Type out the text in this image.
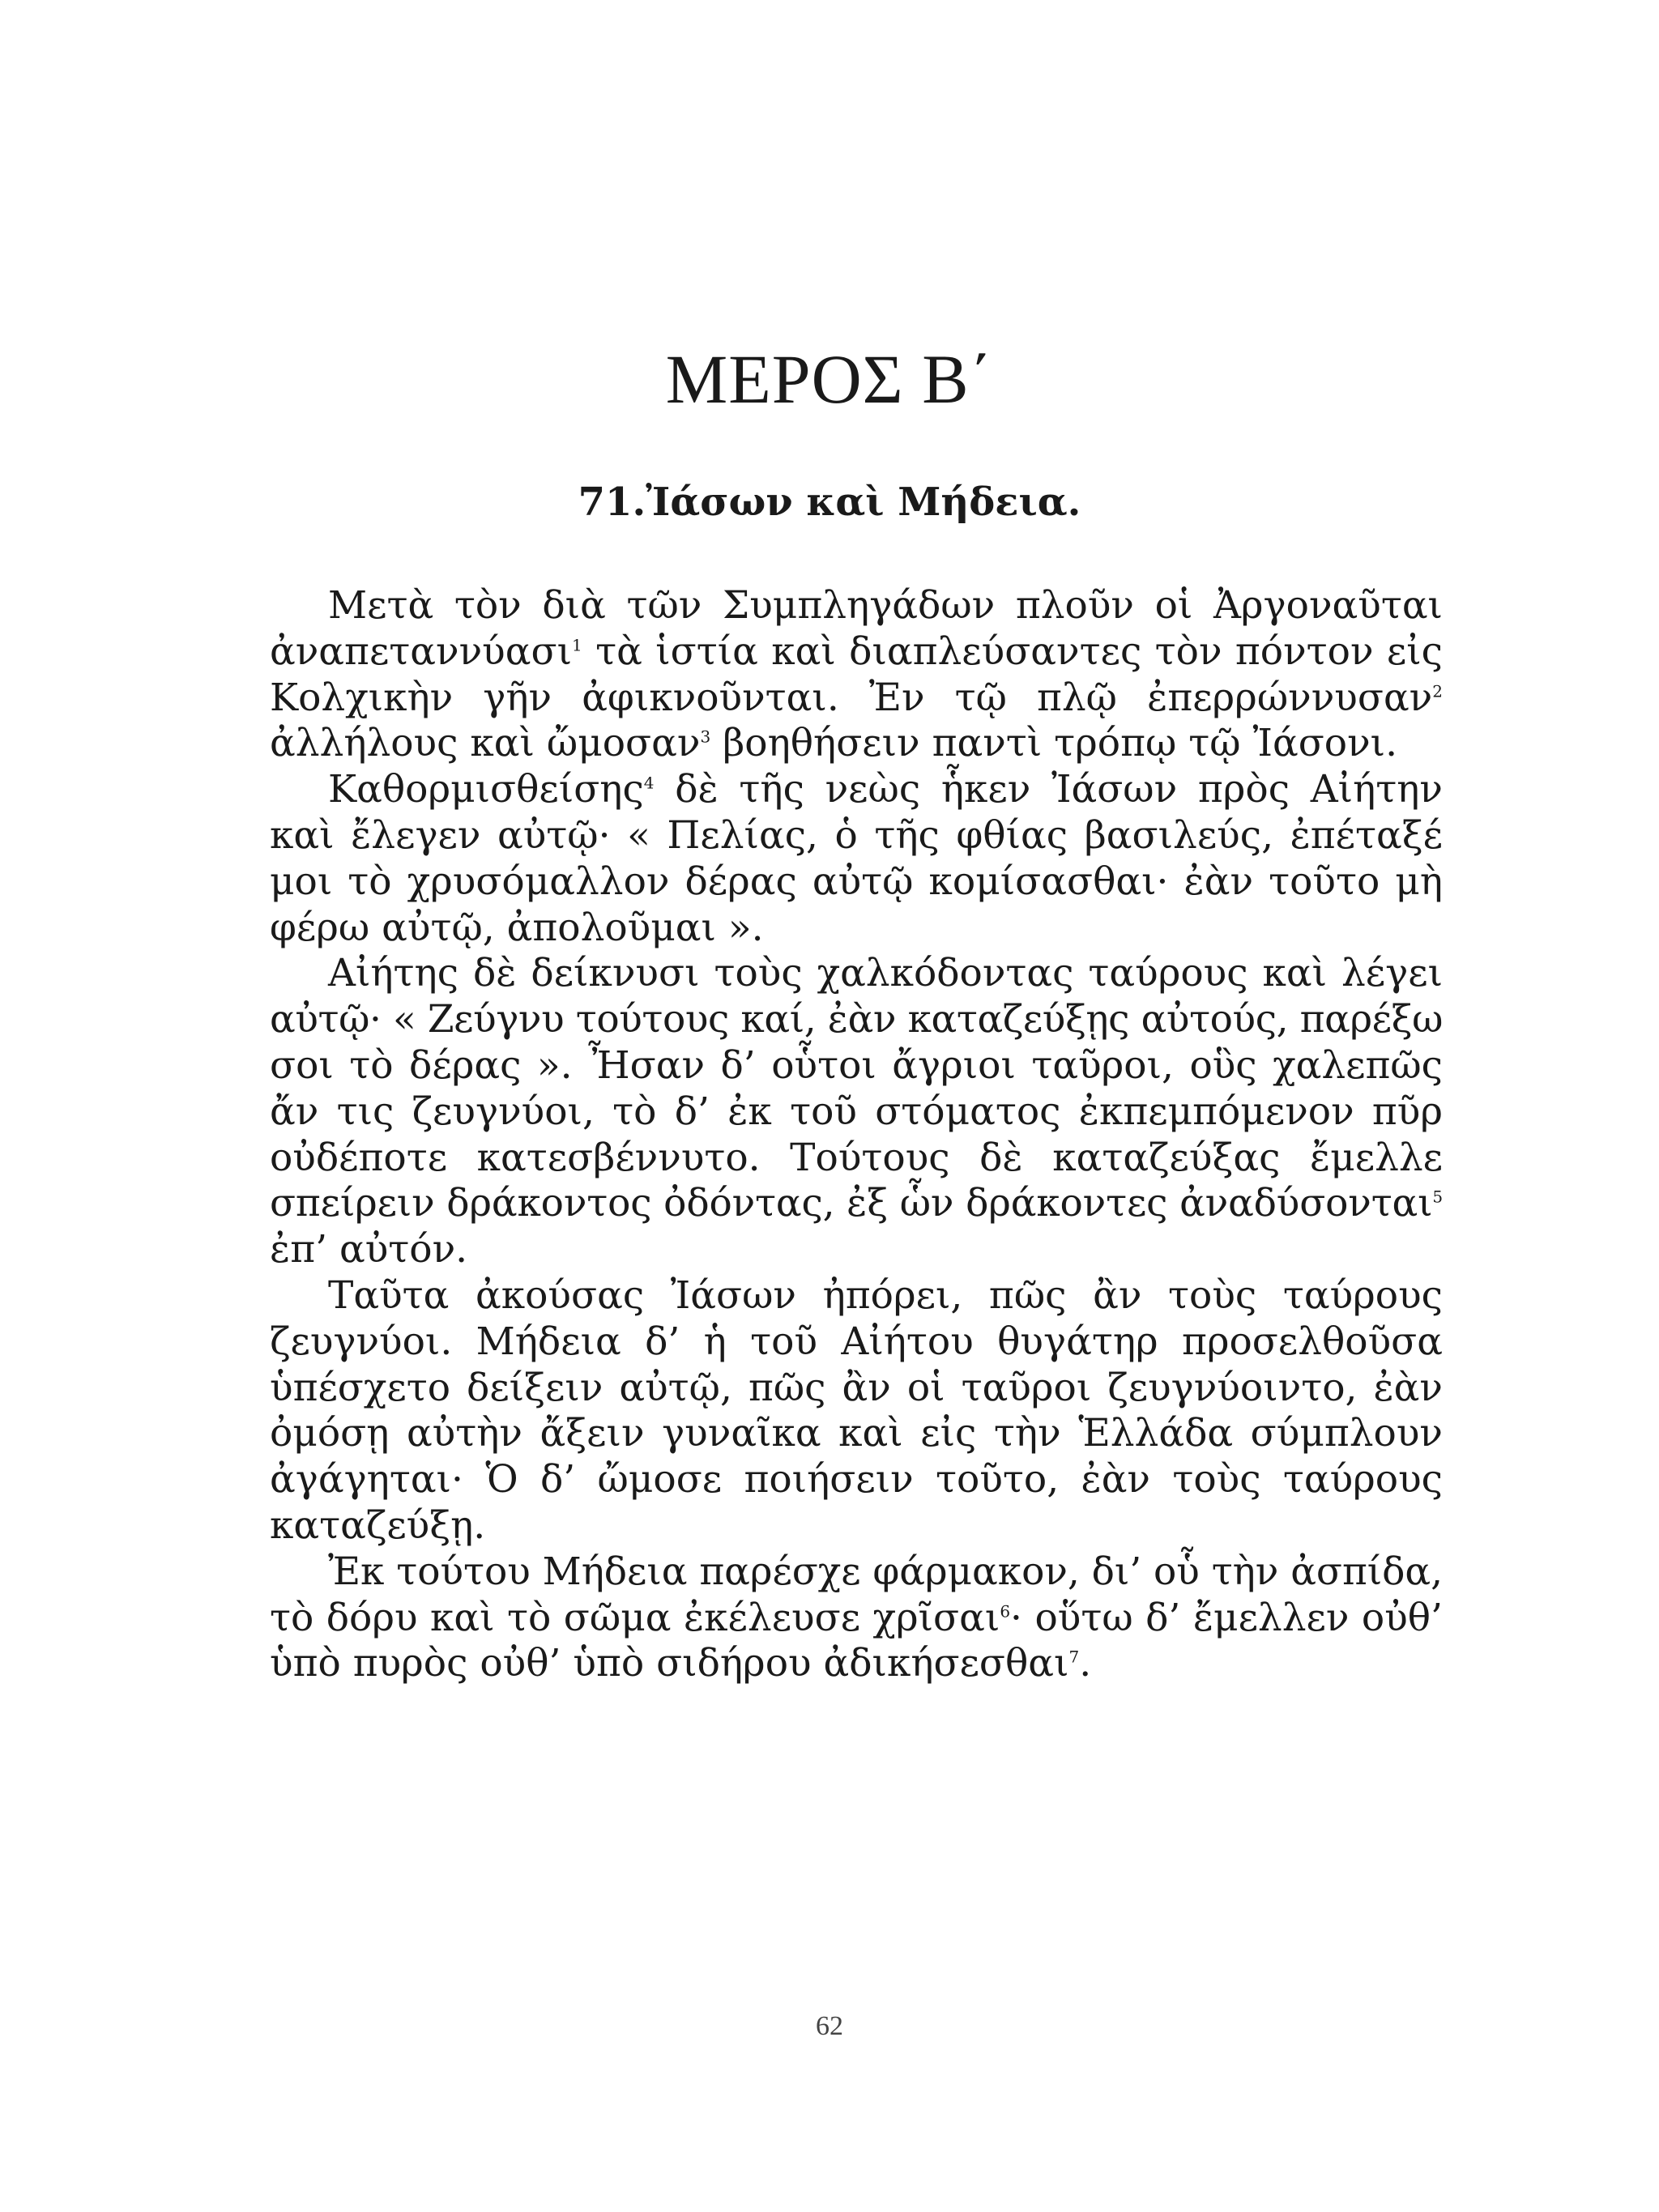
ΜΕΡΟΣ Β΄
71.Ἰάσων καὶ Μήδεια.
Μετὰ τὸν διὰ τῶν Συμπληγάδων πλοῦν οἱ Ἀργοναῦται
ἀναπεταννύασι$^1$ τὰ ἱστία καὶ διαπλεύσαντες τὸν πόντον εἰς
Κολχικὴν γῆν ἀφικνοῦνται. Ἐν τῷ πλῷ ἐπερρώννυσαν$^2$
ἀλλήλους καὶ ὤμοσαν$^3$ βοηθήσειν παντὶ τρόπῳ τῷ Ἰάσονι.
Καθορμισθείσης$^4$ δὲ τῆς νεὼς ἧκεν Ἰάσων πρὸς Αἰήτην
καὶ ἔλεγεν αὐτῷ· « Πελίας, ὁ τῆς φθίας βασιλεύς, ἐπέταξέ
μοι τὸ χρυσόμαλλον δέρας αὐτῷ κομίσασθαι· ἐὰν τοῦτο μὴ
φέρω αὐτῷ, ἀπολοῦμαι ».
Αἰήτης δὲ δείκνυσι τοὺς χαλκόδοντας ταύρους καὶ λέγει
αὐτῷ· « Ζεύγνυ τούτους καί, ἐὰν καταζεύξῃς αὐτούς, παρέξω
σοι τὸ δέρας ». Ἦσαν δ’ οὗτοι ἄγριοι ταῦροι, οὓς χαλεπῶς
ἄν τις ζευγνύοι, τὸ δ’ ἐκ τοῦ στόματος ἐκπεμπόμενον πῦρ
οὐδέποτε κατεσβέννυτο. Τούτους δὲ καταζεύξας ἔμελλε
σπείρειν δράκοντος ὀδόντας, ἐξ ὧν δράκοντες ἀναδύσονται$^5$
ἐπ’ αὐτόν.
Ταῦτα ἀκούσας Ἰάσων ἠπόρει, πῶς ἂν τοὺς ταύρους
ζευγνύοι. Μήδεια δ’ ἡ τοῦ Αἰήτου θυγάτηρ προσελθοῦσα
ὑπέσχετο δείξειν αὐτῷ, πῶς ἂν οἱ ταῦροι ζευγνύοιντο, ἐὰν
ὀμόσῃ αὐτὴν ἄξειν γυναῖκα καὶ εἰς τὴν Ἑλλάδα σύμπλουν
ἀγάγηται· Ὁ δ’ ὤμοσε ποιήσειν τοῦτο, ἐὰν τοὺς ταύρους
καταζεύξῃ.
Ἐκ τούτου Μήδεια παρέσχε φάρμακον, δι’ οὗ τὴν ἀσπίδα,
τὸ δόρυ καὶ τὸ σῶμα ἐκέλευσε χρῖσαι$^6$· οὕτω δ’ ἔμελλεν οὐθ’
ὑπὸ πυρὸς οὐθ’ ὑπὸ σιδήρου ἀδικήσεσθαι$^7$.
62
